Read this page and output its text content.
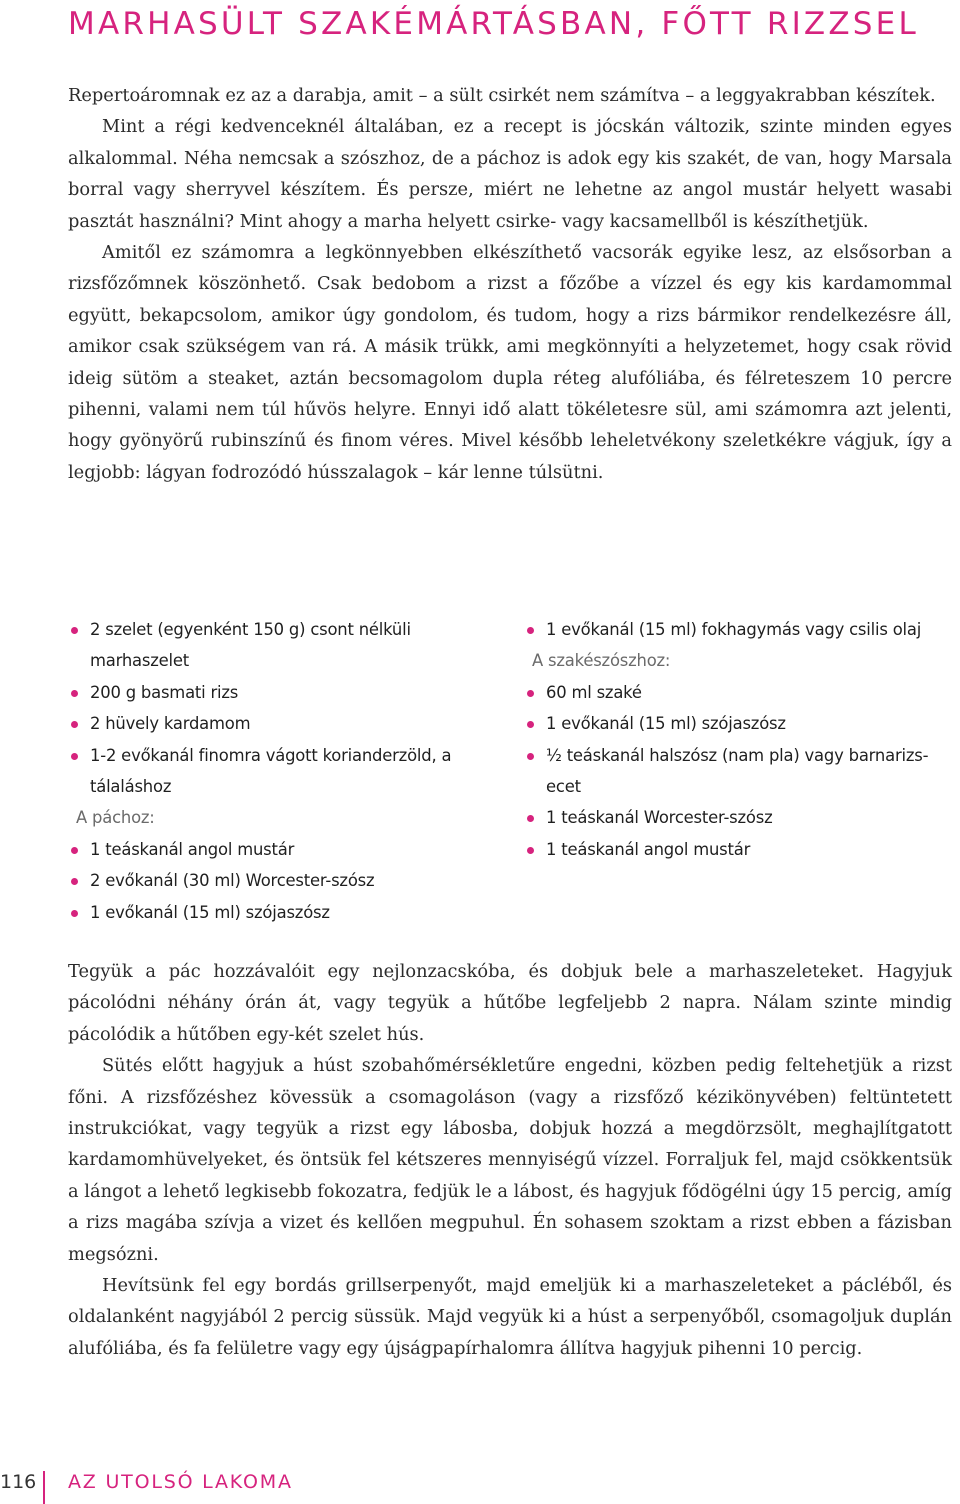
MARHASÜLT SZAKÉMÁRTÁSBAN, FŐTT RIZZSEL

Repertoáromnak ez az a darabja, amit – a sült csirkét nem számítva – a leggyakrabban készítek.

Mint a régi kedvenceknél általában, ez a recept is jócskán változik, szinte minden egyes alkalommal. Néha nemcsak a szószhoz, de a páchoz is adok egy kis szakét, de van, hogy Marsala borral vagy sherryvel készítem. És persze, miért ne lehetne az angol mustár helyett wasabi pasztát használni? Mint ahogy a marha helyett csirke- vagy kacsamellből is készíthetjük.

Amitől ez számomra a legkönnyebben elkészíthető vacsorák egyike lesz, az elsősorban a rizsfőzőmnek köszönhető. Csak bedobom a rizst a főzőbe a vízzel és egy kis kardamommal együtt, bekapcsolom, amikor úgy gondolom, és tudom, hogy a rizs bármikor rendelkezésre áll, amikor csak szükségem van rá. A másik trükk, ami megkönnyíti a helyzetemet, hogy csak rövid ideig sütöm a steaket, aztán becsomagolom dupla réteg alufóliába, és félreteszem 10 percre pihenni, valami nem túl hűvös helyre. Ennyi idő alatt tökéletesre sül, ami számomra azt jelenti, hogy gyönyörű rubinszínű és finom véres. Mivel később leheletvékony szeletkékre vágjuk, így a legjobb: lágyan fodrozódó hússzalagok – kár lenne túlsütni.

2 szelet (egyenként 150 g) csont nélküli marhaszelet
200 g basmati rizs
2 hüvely kardamom
1-2 evőkanál finomra vágott korianderzöld, a tálaláshoz
A páchoz:
1 teáskanál angol mustár
2 evőkanál (30 ml) Worcester-szósz
1 evőkanál (15 ml) szójaszósz
1 evőkanál (15 ml) fokhagymás vagy csilis olaj
A szakészószhoz:
60 ml szaké
1 evőkanál (15 ml) szójaszósz
½ teáskanál halszósz (nam pla) vagy barnarizs-ecet
1 teáskanál Worcester-szósz
1 teáskanál angol mustár

Tegyük a pác hozzávalóit egy nejlonzacskóba, és dobjuk bele a marhaszeleteket. Hagyjuk pácolódni néhány órán át, vagy tegyük a hűtőbe legfeljebb 2 napra. Nálam szinte mindig pácolódik a hűtőben egy-két szelet hús.

Sütés előtt hagyjuk a húst szobahőmérsékletűre engedni, közben pedig feltehetjük a rizst főni. A rizsfőzéshez kövessük a csomagoláson (vagy a rizsfőző kézikönyvében) feltüntetett instrukciókat, vagy tegyük a rizst egy lábosba, dobjuk hozzá a megdörzsölt, meghajlítgatott kardamomhüvelyeket, és öntsük fel kétszeres mennyiségű vízzel. Forraljuk fel, majd csökkentsük a lángot a lehető legkisebb fokozatra, fedjük le a lábost, és hagyjuk fődögélni úgy 15 percig, amíg a rizs magába szívja a vizet és kellően megpuhul. Én sohasem szoktam a rizst ebben a fázisban megsózni.

Hevítsünk fel egy bordás grillserpenyőt, majd emeljük ki a marhaszeleteket a pácléből, és oldalanként nagyjából 2 percig süssük. Majd vegyük ki a húst a serpenyőből, csomagoljuk duplán alufóliába, és fa felületre vagy egy újságpapírhalomra állítva hagyjuk pihenni 10 percig.

116 AZ UTOLSÓ LAKOMA
